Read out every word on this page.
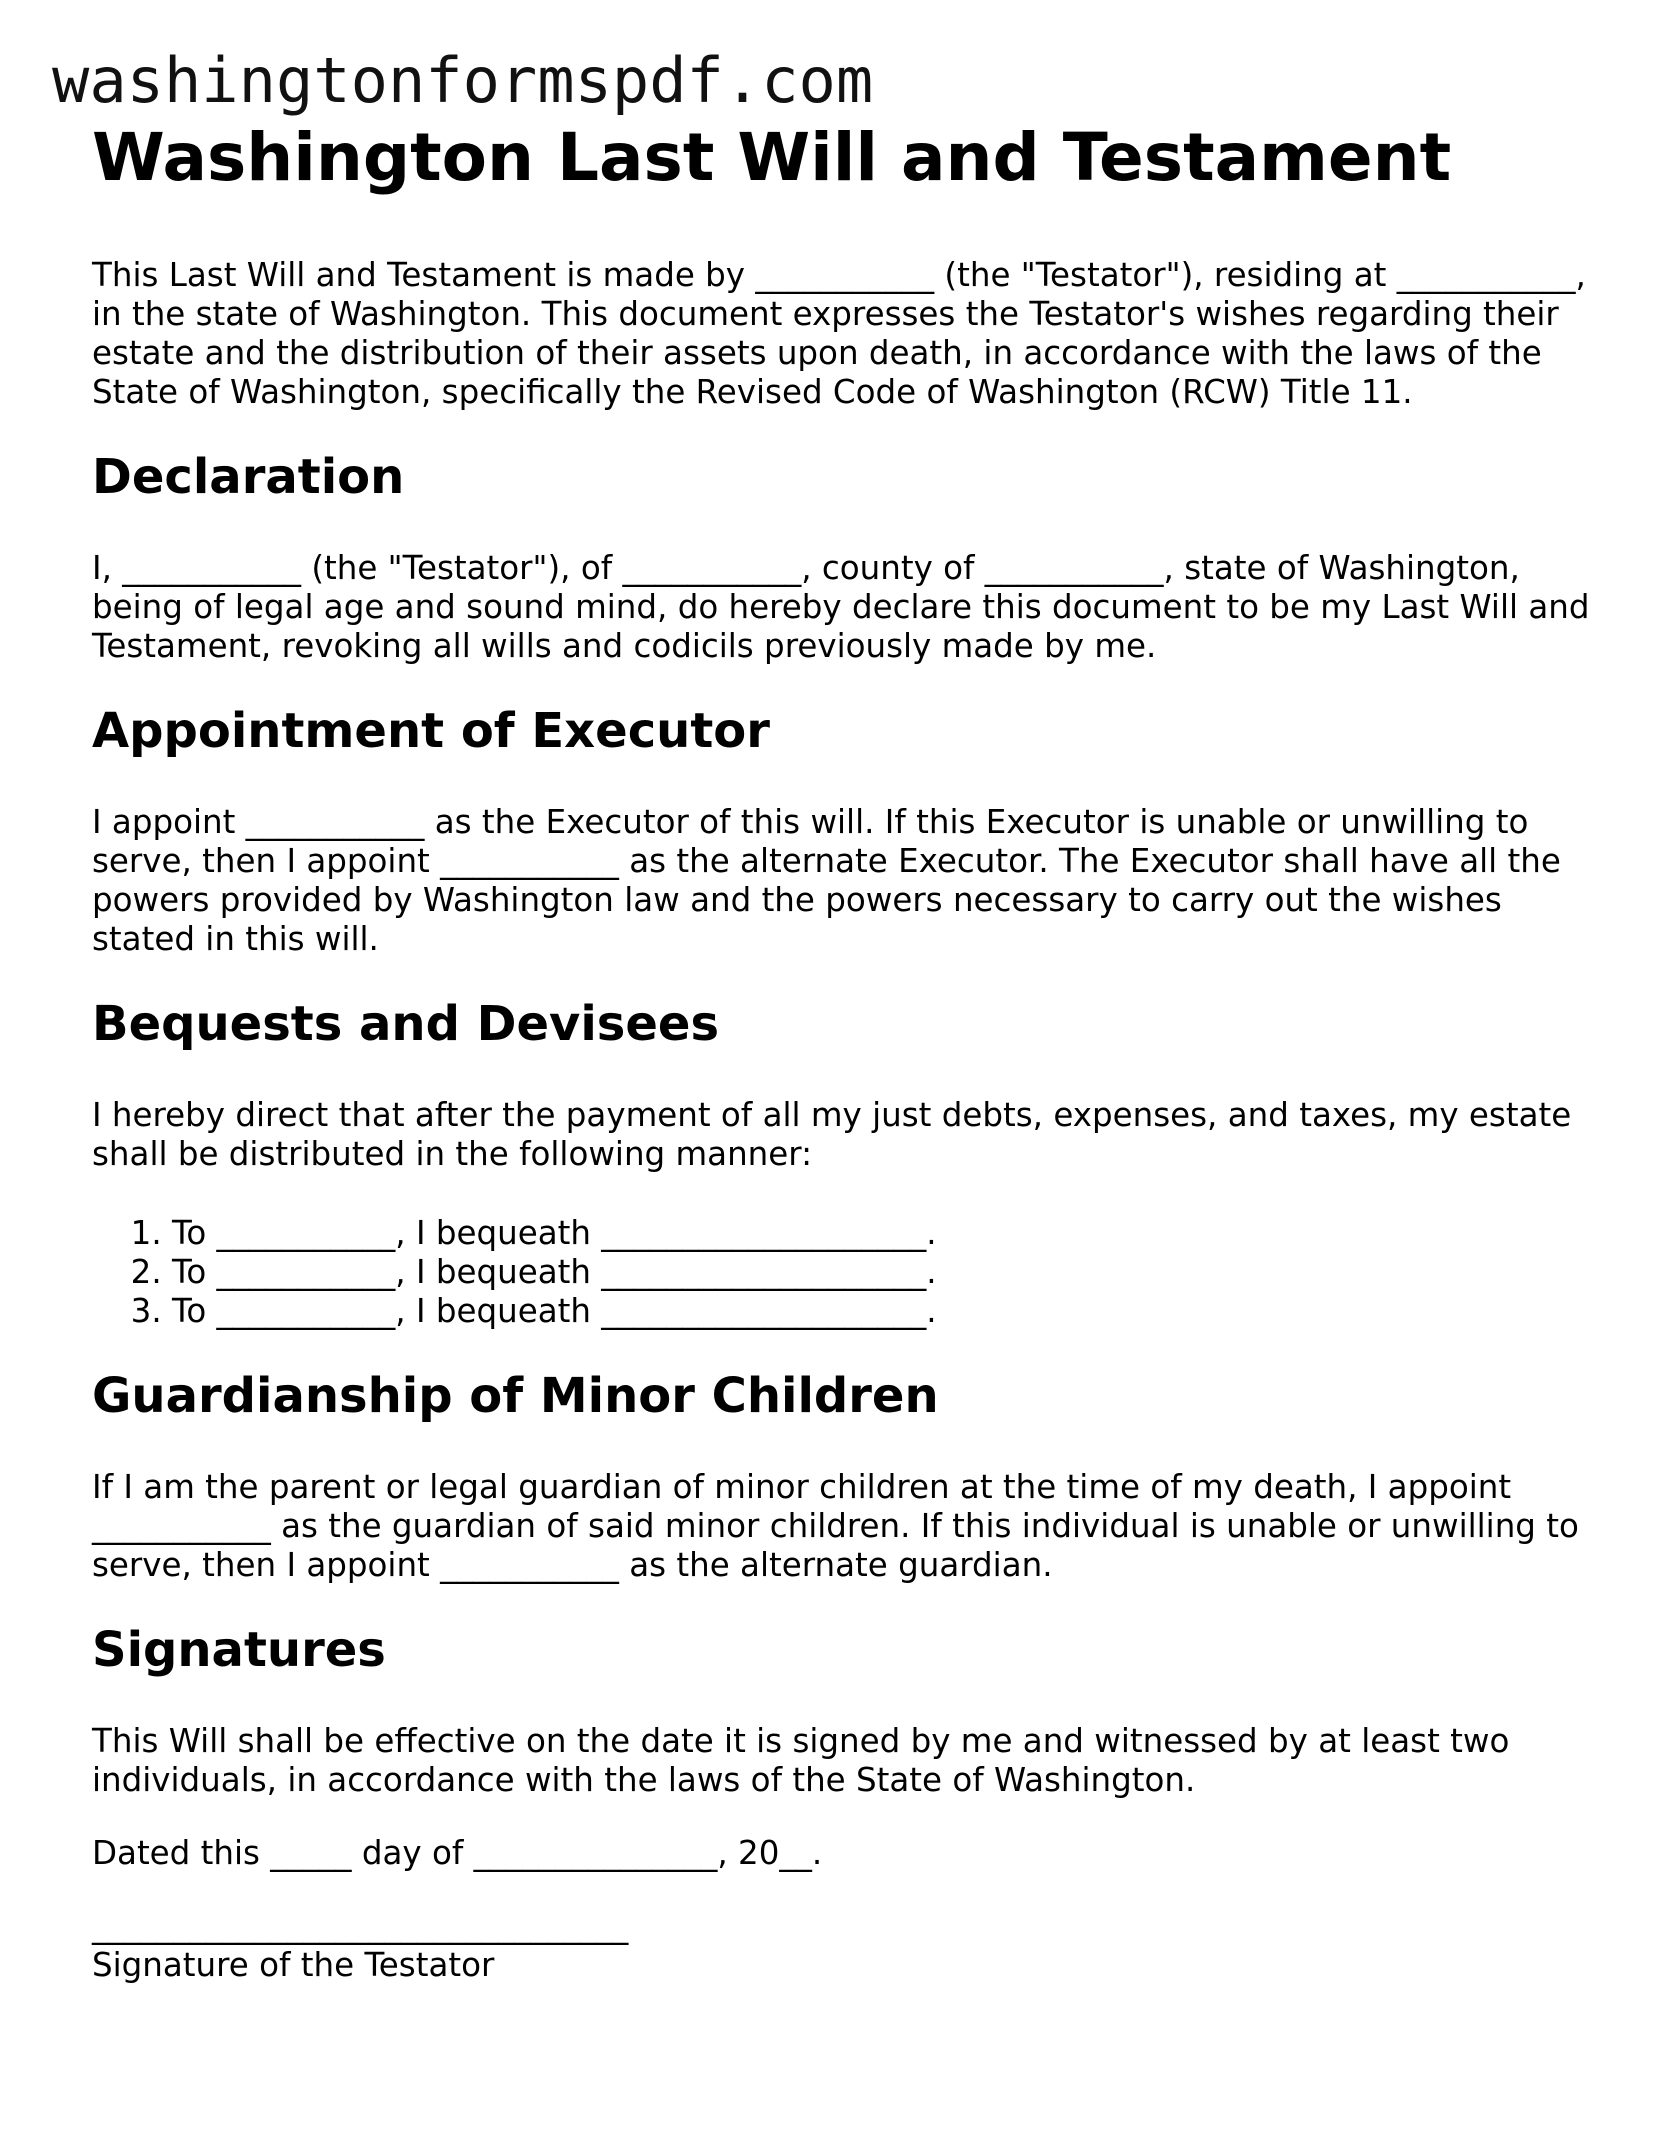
washingtonformspdf.com
Washington Last Will and Testament

This Last Will and Testament is made by ___________ (the "Testator"), residing at ___________, in the state of Washington. This document expresses the Testator's wishes regarding their estate and the distribution of their assets upon death, in accordance with the laws of the State of Washington, specifically the Revised Code of Washington (RCW) Title 11.

Declaration

I, ___________ (the "Testator"), of ___________, county of ___________, state of Washington, being of legal age and sound mind, do hereby declare this document to be my Last Will and Testament, revoking all wills and codicils previously made by me.

Appointment of Executor

I appoint ___________ as the Executor of this will. If this Executor is unable or unwilling to serve, then I appoint ___________ as the alternate Executor. The Executor shall have all the powers provided by Washington law and the powers necessary to carry out the wishes stated in this will.

Bequests and Devisees

I hereby direct that after the payment of all my just debts, expenses, and taxes, my estate shall be distributed in the following manner:

1. To ___________, I bequeath ____________________.
2. To ___________, I bequeath ____________________.
3. To ___________, I bequeath ____________________.
Guardianship of Minor Children

If I am the parent or legal guardian of minor children at the time of my death, I appoint ___________ as the guardian of said minor children. If this individual is unable or unwilling to serve, then I appoint ___________ as the alternate guardian.

Signatures

This Will shall be effective on the date it is signed by me and witnessed by at least two individuals, in accordance with the laws of the State of Washington.

Dated this _____ day of _______________, 20__.

_________________________________

Signature of the Testator
